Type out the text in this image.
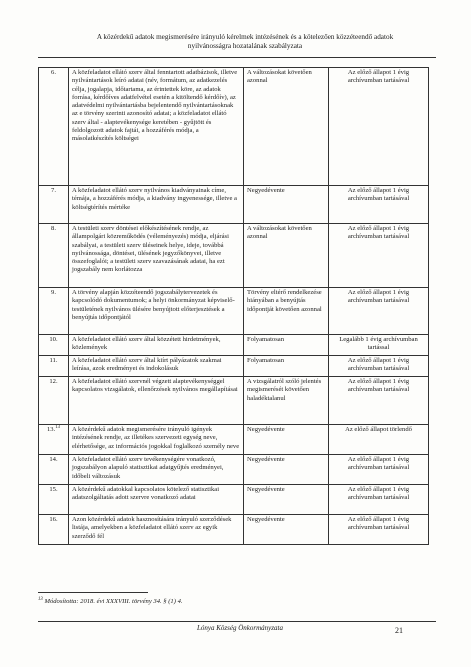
A közérdekű adatok megismerésére irányuló kérelmek intézésének és a kötelezően közzéteendő adatok
nyilvánosságra hozatalának szabályzata
6.	A közfeladatot ellátó szerv által fenntartott adatbázisok, illetve nyilvántartások leíró adatai (név, formátum, az adatkezelés célja, jogalapja, időtartama, az érintettek köre, az adatok forrása, kérdőíves adatfelvétel esetén a kitöltendő kérdőív), az adatvédelmi nyilvántartásba bejelentendő nyilvántartásoknak az e törvény szerinti azonosító adatai; a közfeladatot ellátó szerv által - alaptevékenysége keretében - gyűjtött és feldolgozott adatok fajtái, a hozzáférés módja, a másolatkészítés költségei	A változásokat követően azonnal	Az előző állapot 1 évig archívumban tartásával
7.	A közfeladatot ellátó szerv nyilvános kiadványainak címe, témája, a hozzáférés módja, a kiadvány ingyenessége, illetve a költségtérítés mértéke	Negyedévente	Az előző állapot 1 évig archívumban tartásával
8.	A testületi szerv döntései előkészítésének rendje, az állampolgári közreműködés (véleményezés) módja, eljárási szabályai, a testületi szerv üléseinek helye, ideje, továbbá nyilvánossága, döntései, ülésének jegyzőkönyvei, illetve összefoglalói; a testületi szerv szavazásának adatai, ha ezt jogszabály nem korlátozza	A változásokat követően azonnal	Az előző állapot 1 évig archívumban tartásával
9.	A törvény alapján közzéteendő jogszabálytervezetek és kapcsolódó dokumentumok; a helyi önkormányzat képviselő-testületének nyilvános ülésére benyújtott előterjesztések a benyújtás időpontjától	Törvény eltérő rendelkezése hiányában a benyújtás időpontját követően azonnal	Az előző állapot 1 évig archívumban tartásával
10.	A közfeladatot ellátó szerv által közzétett hirdetmények, közlemények	Folyamatosan	Legalább 1 évig archívumban tartással
11.	A közfeladatot ellátó szerv által kiírt pályázatok szakmai leírása, azok eredményei és indokolásuk	Folyamatosan	Az előző állapot 1 évig archívumban tartásával
12.	A közfeladatot ellátó szervnél végzett alaptevékenységgel kapcsolatos vizsgálatok, ellenőrzések nyilvános megállapításai	A vizsgálatról szóló jelentés megismerését követően haladéktalanul	Az előző állapot 1 évig archívumban tartásával
13.13	A közérdekű adatok megismerésére irányuló igények intézésének rendje, az illetékes szervezeti egység neve, elérhetősége, az információs jogokkal foglalkozó személy neve	Negyedévente	Az előző állapot törlendő
14.	A közfeladatot ellátó szerv tevékenységére vonatkozó, jogszabályon alapuló statisztikai adatgyűjtés eredményei, időbeli változásuk	Negyedévente	Az előző állapot 1 évig archívumban tartásával
15.	A közérdekű adatokkal kapcsolatos kötelező statisztikai adatszolgáltatás adott szervre vonatkozó adatai	Negyedévente	Az előző állapot 1 évig archívumban tartásával
16.	Azon közérdekű adatok hasznosítására irányuló szerződések listája, amelyekben a közfeladatot ellátó szerv az egyik szerződő fél	Negyedévente	Az előző állapot 1 évig archívumban tartásával
$^{13}$ Módosította: 2018. évi XXXVIII. törvény 34. § (1) 4.
Lónya Község Önkormányzata	21
